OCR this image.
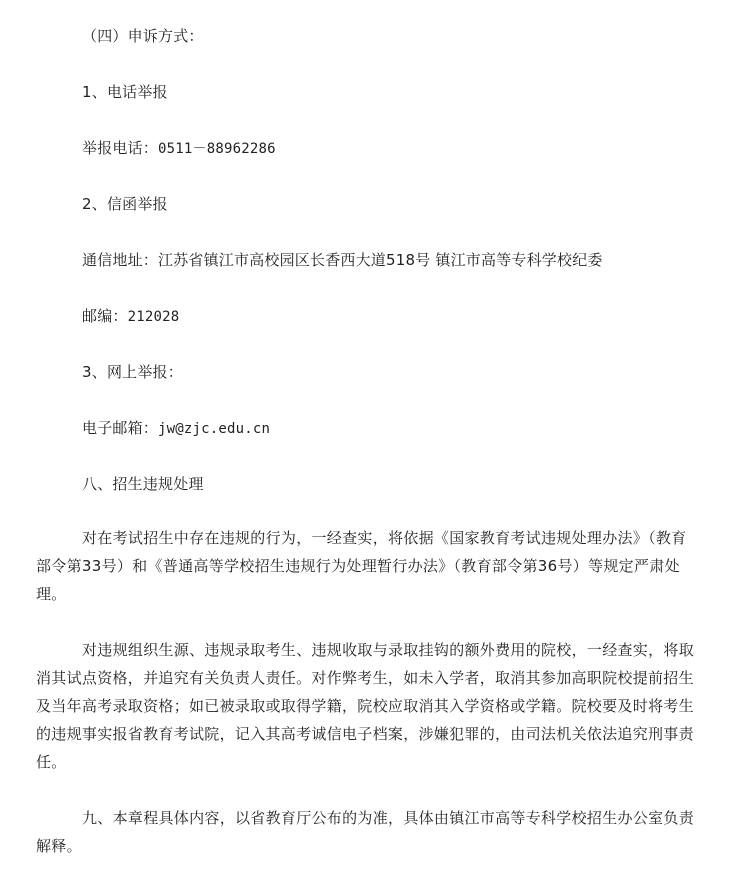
（四）申诉方式：
1、电话举报
举报电话：0511－88962286
2、信函举报
通信地址：江苏省镇江市高校园区长香西大道518号 镇江市高等专科学校纪委
邮编：212028
3、网上举报：
电子邮箱：jw@zjc.edu.cn
八、招生违规处理
对在考试招生中存在违规的行为，一经查实，将依据《国家教育考试违规处理办法》（教育部令第33号）和《普通高等学校招生违规行为处理暂行办法》（教育部令第36号）等规定严肃处理。
对违规组织生源、违规录取考生、违规收取与录取挂钩的额外费用的院校，一经查实，将取消其试点资格，并追究有关负责人责任。对作弊考生，如未入学者，取消其参加高职院校提前招生及当年高考录取资格；如已被录取或取得学籍，院校应取消其入学资格或学籍。院校要及时将考生的违规事实报省教育考试院，记入其高考诚信电子档案，涉嫌犯罪的，由司法机关依法追究刑事责任。
九、本章程具体内容，以省教育厅公布的为准，具体由镇江市高等专科学校招生办公室负责解释。
